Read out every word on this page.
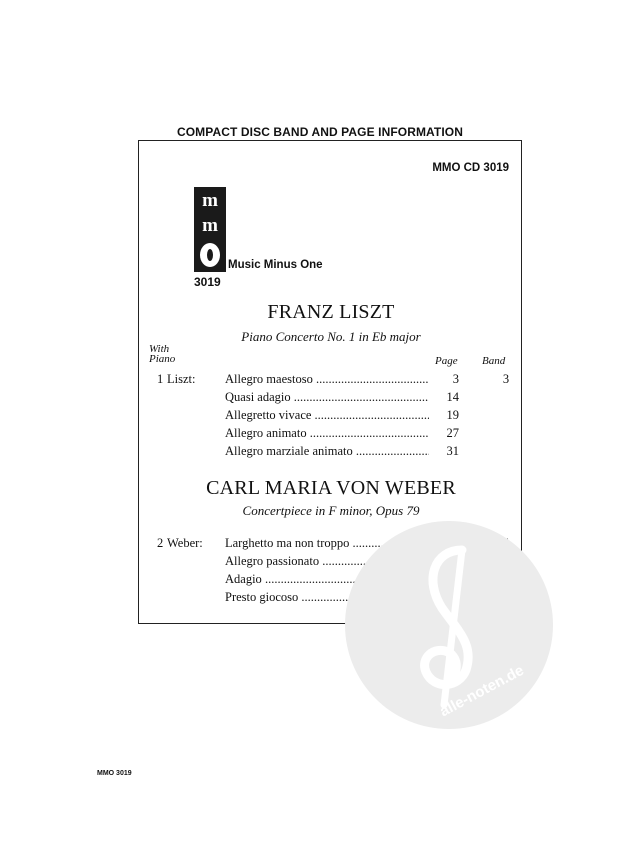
COMPACT DISC BAND AND PAGE INFORMATION
MMO CD 3019
m
m
Music Minus One
3019
FRANZ LISZT
Piano Concerto No. 1 in Eb major
With
Piano	Page Band
1 Liszt: Allegro maestoso .....	3	3
Quasi adagio .....	14
Allegretto vivace .....	19
Allegro animato .....	27
Allegro marziale animato .....	31
CARL MARIA VON WEBER
Concertpiece in F minor, Opus 79
2 Weber: Larghetto ma non troppo .....
Allegro passionato .....
Adagio .....
Presto giocoso .....
alle-noten.de
MMO 3019
